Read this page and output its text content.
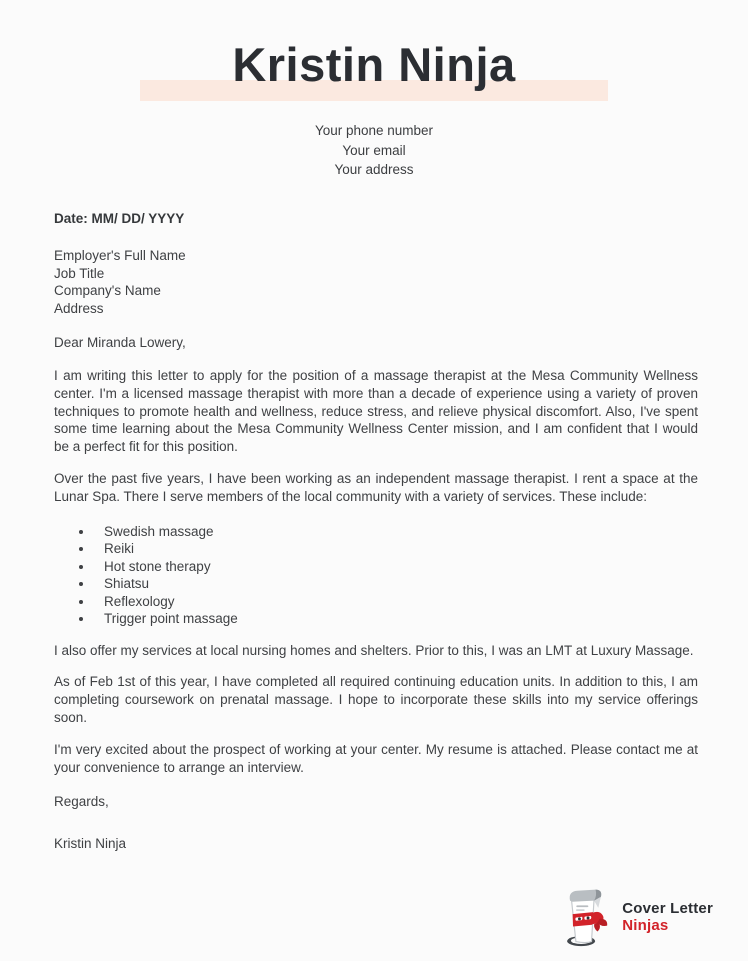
Kristin Ninja
Your phone number
Your email
Your address
Date: MM/ DD/ YYYY
Employer's Full Name
Job Title
Company's Name
Address
Dear Miranda Lowery,

I am writing this letter to apply for the position of a massage therapist at the Mesa Community Wellness center. I'm a licensed massage therapist with more than a decade of experience using a variety of proven techniques to promote health and wellness, reduce stress, and relieve physical discomfort. Also, I've spent some time learning about the Mesa Community Wellness Center mission, and I am confident that I would be a perfect fit for this position.

Over the past five years, I have been working as an independent massage therapist. I rent a space at the Lunar Spa. There I serve members of the local community with a variety of services. These include:

• Swedish massage
• Reiki
• Hot stone therapy
• Shiatsu
• Reflexology
• Trigger point massage

I also offer my services at local nursing homes and shelters. Prior to this, I was an LMT at Luxury Massage.

As of Feb 1st of this year, I have completed all required continuing education units. In addition to this, I am completing coursework on prenatal massage. I hope to incorporate these skills into my service offerings soon.

I'm very excited about the prospect of working at your center. My resume is attached. Please contact me at your convenience to arrange an interview.

Regards,
Kristin Ninja
Cover Letter
Ninjas
